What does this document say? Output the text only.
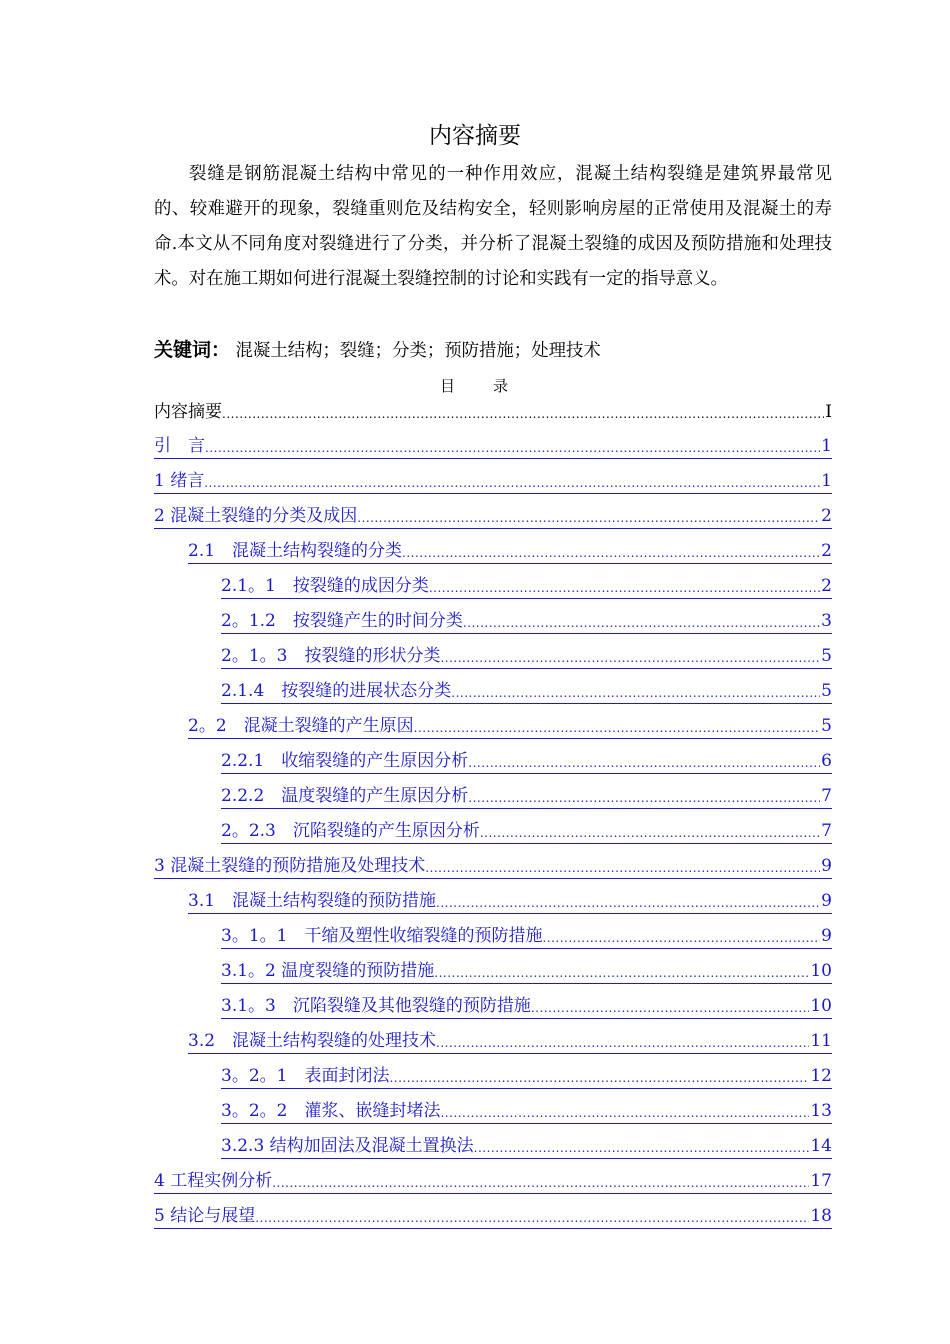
内容摘要

裂缝是钢筋混凝土结构中常见的一种作用效应，混凝土结构裂缝是建筑界最常见的、较难避开的现象，裂缝重则危及结构安全，轻则影响房屋的正常使用及混凝土的寿命.本文从不同角度对裂缝进行了分类，并分析了混凝土裂缝的成因及预防措施和处理技术。对在施工期如何进行混凝土裂缝控制的讨论和实践有一定的指导意义。

关键词： 混凝土结构；裂缝；分类；预防措施；处理技术
目 录
内容摘要 .....	I
引　言 .....	1
1 绪言 .....	1
2 混凝土裂缝的分类及成因 .....	2
2.1　混凝土结构裂缝的分类 .....	2
2.1。1　按裂缝的成因分类 .....	2
2。1.2　按裂缝产生的时间分类 .....	3
2。1。3　按裂缝的形状分类 .....	5
2.1.4　按裂缝的进展状态分类 .....	5
2。2　混凝土裂缝的产生原因 .....	5
2.2.1　收缩裂缝的产生原因分析 .....	6
2.2.2　温度裂缝的产生原因分析 .....	7
2。2.3　沉陷裂缝的产生原因分析 .....	7
3 混凝土裂缝的预防措施及处理技术 .....	9
3.1　混凝土结构裂缝的预防措施 .....	9
3。1。1　干缩及塑性收缩裂缝的预防措施 .....	9
3.1。2 温度裂缝的预防措施 .....	10
3.1。3　沉陷裂缝及其他裂缝的预防措施 .....	10
3.2　混凝土结构裂缝的处理技术 .....	11
3。2。1　表面封闭法 .....	12
3。2。2　灌浆、嵌缝封堵法 .....	13
3.2.3 结构加固法及混凝土置换法 .....	14
4 工程实例分析 .....	17
5 结论与展望 .....	18
